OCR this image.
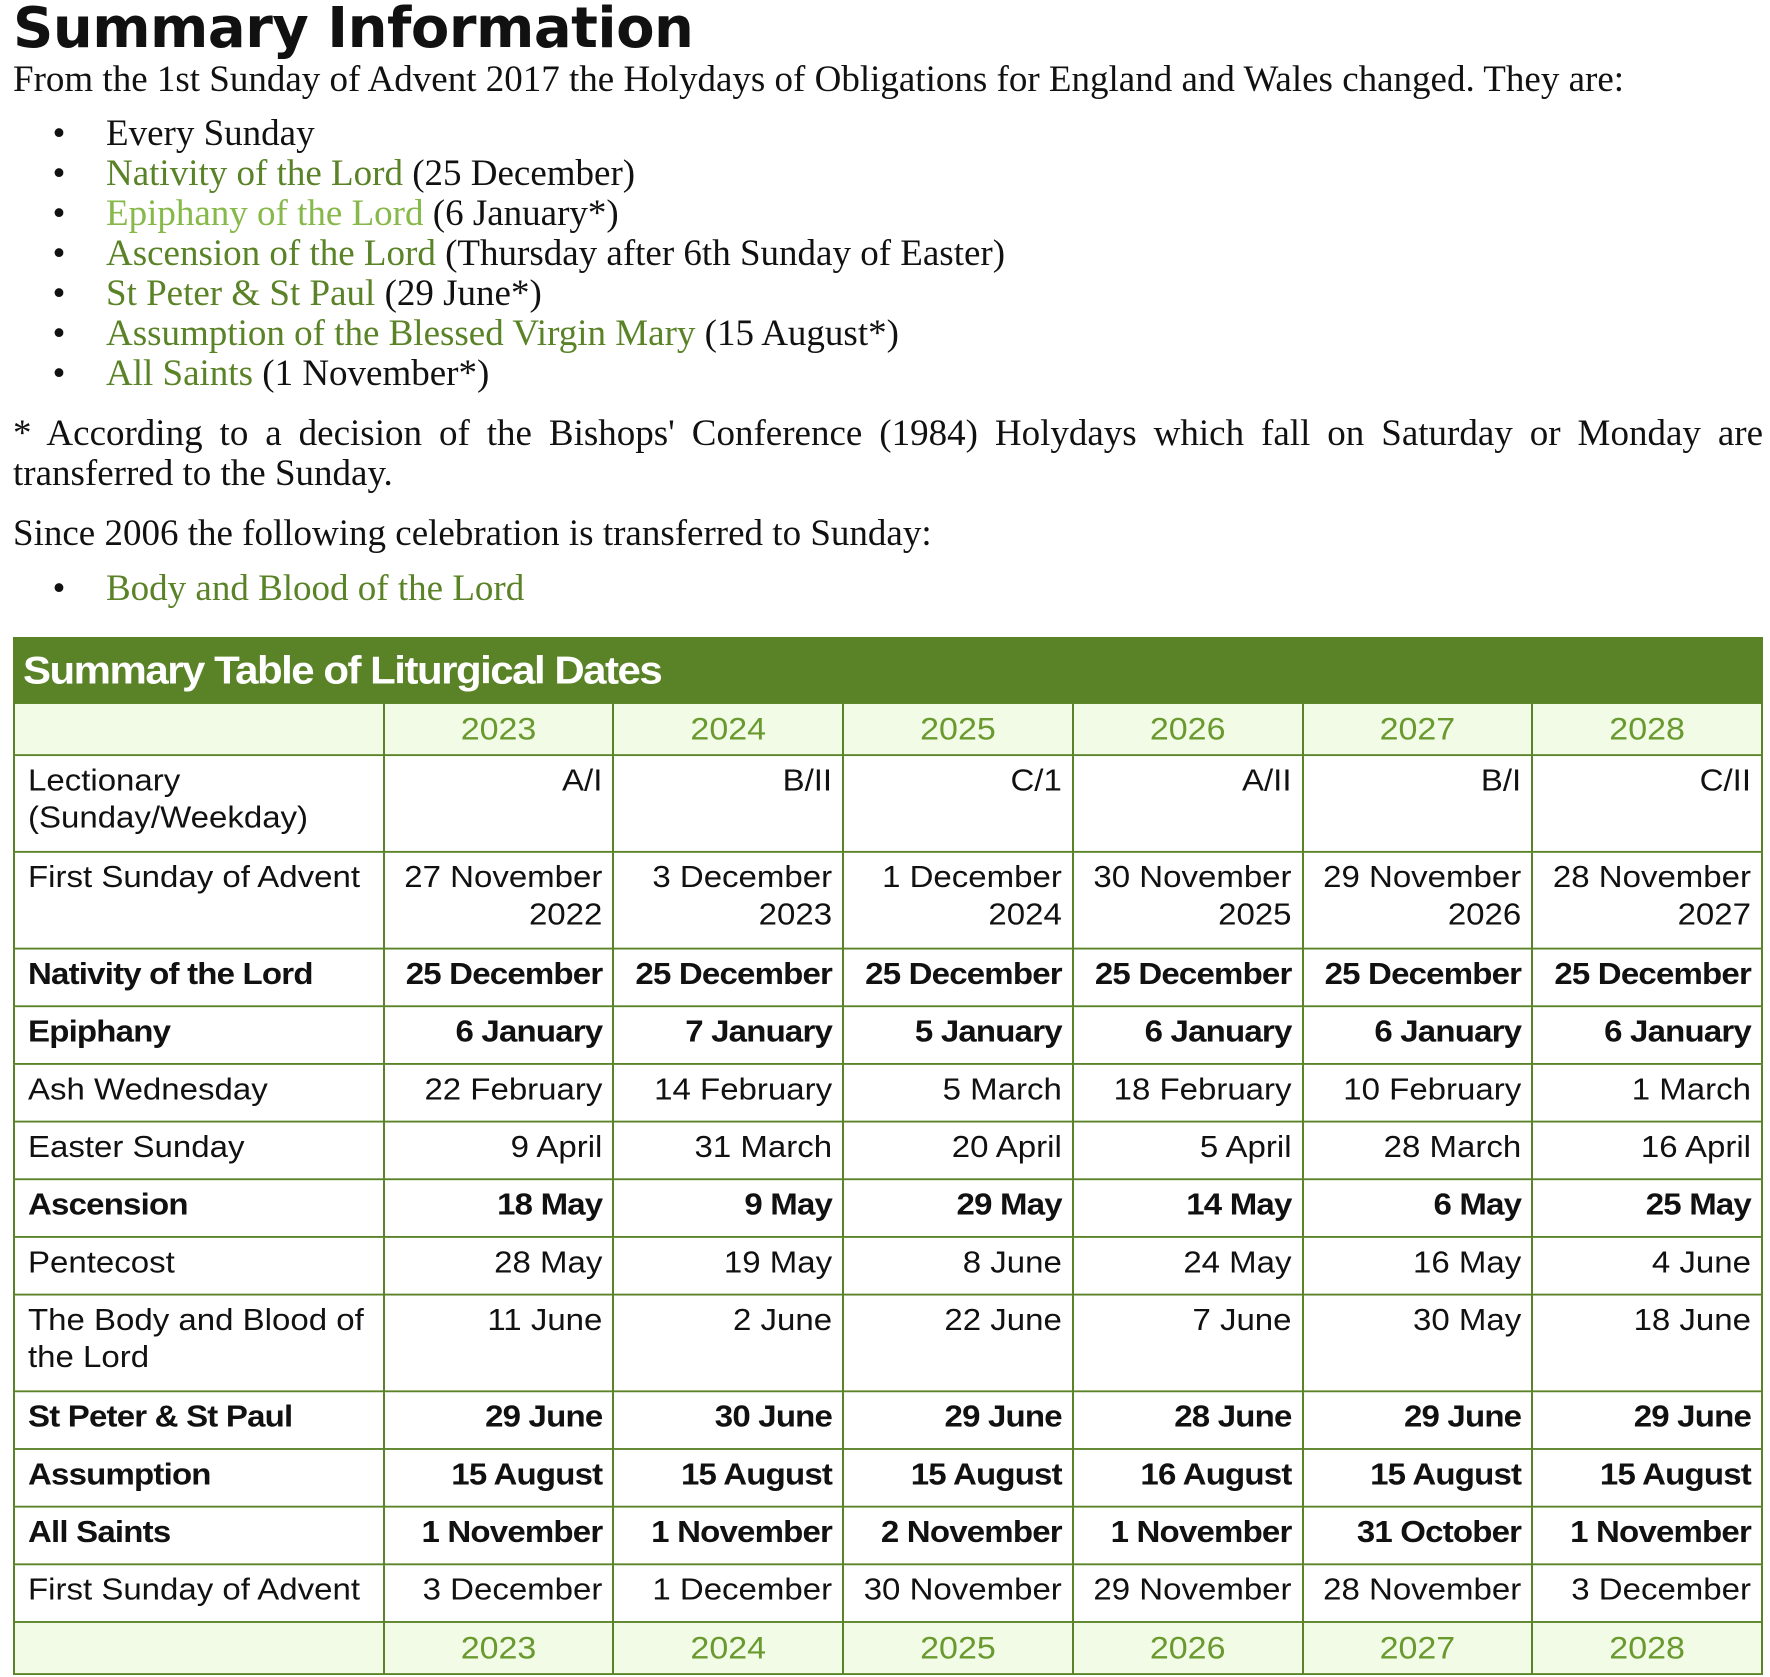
Summary Information

From the 1st Sunday of Advent 2017 the Holydays of Obligations for England and Wales changed. They are:

• Every Sunday
• Nativity of the Lord (25 December)
• Epiphany of the Lord (6 January*)
• Ascension of the Lord (Thursday after 6th Sunday of Easter)
• St Peter & St Paul (29 June*)
• Assumption of the Blessed Virgin Mary (15 August*)
• All Saints (1 November*)

* According to a decision of the Bishops' Conference (1984) Holydays which fall on Saturday or Monday are transferred to the Sunday.

Since 2006 the following celebration is transferred to Sunday:

• Body and Blood of the Lord
Summary Table of Liturgical Dates						
	2023	2024	2025	2026	2027	2028
Lectionary (Sunday/Weekday)	A/I	B/II	C/1	A/II	B/I	C/II
First Sunday of Advent	27 November 2022	3 December 2023	1 December 2024	30 November 2025	29 November 2026	28 November 2027
Nativity of the Lord	25 December	25 December	25 December	25 December	25 December	25 December
Epiphany	6 January	7 January	5 January	6 January	6 January	6 January
Ash Wednesday	22 February	14 February	5 March	18 February	10 February	1 March
Easter Sunday	9 April	31 March	20 April	5 April	28 March	16 April
Ascension	18 May	9 May	29 May	14 May	6 May	25 May
Pentecost	28 May	19 May	8 June	24 May	16 May	4 June
The Body and Blood of the Lord	11 June	2 June	22 June	7 June	30 May	18 June
St Peter & St Paul	29 June	30 June	29 June	28 June	29 June	29 June
Assumption	15 August	15 August	15 August	16 August	15 August	15 August
All Saints	1 November	1 November	2 November	1 November	31 October	1 November
First Sunday of Advent	3 December	1 December	30 November	29 November	28 November	3 December
	2023	2024	2025	2026	2027	2028
